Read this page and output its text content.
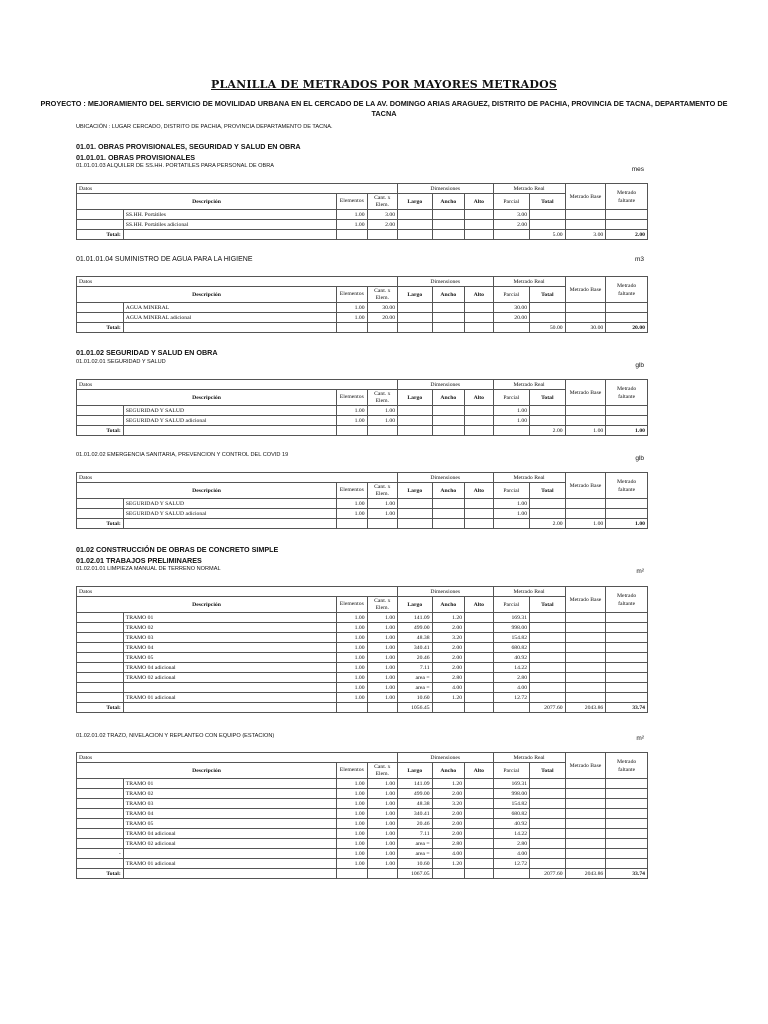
PLANILLA DE METRADOS POR MAYORES METRADOS
PROYECTO : MEJORAMIENTO DEL SERVICIO DE MOVILIDAD URBANA EN EL CERCADO DE LA AV. DOMINGO ARIAS ARAGUEZ, DISTRITO DE PACHIA, PROVINCIA DE TACNA, DEPARTAMENTO DE TACNA
UBICACIÓN : LUGAR CERCADO, DISTRITO DE PACHIA, PROVINCIA DEPARTAMENTO DE TACNA.
01.01. OBRAS PROVISIONALES, SEGURIDAD Y SALUD EN OBRA
01.01.01. OBRAS PROVISIONALES
01.01.01.03 ALQUILER DE SS.HH. PORTATILES PARA PERSONAL DE OBRA	mes
Datos				Dimensiones			Metrado Real		Metrado Base	Metrado faltante
Descripción		Elementos	Cant. x Elem.	Largo	Ancho	Alto	Parcial	Total		
	SS.HH. Portátiles	1.00	3.00				3.00			
	SS.HH. Portátiles adicional	1.00	2.00				2.00			
Total:								5.00	3.00	2.00
01.01.01.04 SUMINISTRO DE AGUA PARA LA HIGIENE	m3
Datos				Dimensiones			Metrado Real		Metrado Base	Metrado faltante
Descripción		Elementos	Cant. x Elem.	Largo	Ancho	Alto	Parcial	Total		
	AGUA MINERAL	1.00	30.00				30.00			
	AGUA MINERAL adicional	1.00	20.00				20.00			
Total:								50.00	30.00	20.00
01.01.02 SEGURIDAD Y SALUD EN OBRA
01.01.02.01 SEGURIDAD Y SALUD	glb
Datos				Dimensiones			Metrado Real		Metrado Base	Metrado faltante
Descripción		Elementos	Cant. x Elem.	Largo	Ancho	Alto	Parcial	Total		
	SEGURIDAD Y SALUD	1.00	1.00				1.00			
	SEGURIDAD Y SALUD adicional	1.00	1.00				1.00			
Total:								2.00	1.00	1.00
01.01.02.02 EMERGENCIA SANITARIA, PREVENCION Y CONTROL DEL COVID 19	glb
Datos				Dimensiones			Metrado Real		Metrado Base	Metrado faltante
Descripción		Elementos	Cant. x Elem.	Largo	Ancho	Alto	Parcial	Total		
	SEGURIDAD Y SALUD	1.00	1.00				1.00			
	SEGURIDAD Y SALUD adicional	1.00	1.00				1.00			
Total:								2.00	1.00	1.00
01.02 CONSTRUCCIÓN DE OBRAS DE CONCRETO SIMPLE
01.02.01 TRABAJOS PRELIMINARES
01.02.01.01 LIMPIEZA MANUAL DE TERRENO NORMAL	m²
Datos				Dimensiones			Metrado Real		Metrado Base	Metrado faltante
Descripción		Elementos	Cant. x Elem.	Largo	Ancho	Alto	Parcial	Total		
	TRAMO 01	1.00	1.00	141.09	1.20		169.31			
	TRAMO 02	1.00	1.00	499.00	2.00		998.00			
	TRAMO 03	1.00	1.00	48.38	3.20		154.82			
	TRAMO 04	1.00	1.00	340.41	2.00		680.82			
	TRAMO 05	1.00	1.00	20.46	2.00		40.92			
	TRAMO 04 adicional	1.00	1.00	7.11	2.00		14.22			
	TRAMO 02 adicional	1.00	1.00	area =	2.80		2.80			
		1.00	1.00	area =	4.00		4.00			
	TRAMO 01 adicional	1.00	1.00	10.60	1.20		12.72			
Total:				1056.45				2077.60	2043.86	33.74
01.02.01.02 TRAZO, NIVELACION Y REPLANTEO CON EQUIPO (ESTACION)	m²
Datos				Dimensiones			Metrado Real		Metrado Base	Metrado faltante
Descripción		Elementos	Cant. x Elem.	Largo	Ancho	Alto	Parcial	Total		
	TRAMO 01	1.00	1.00	141.09	1.20		169.31			
	TRAMO 02	1.00	1.00	499.00	2.00		998.00			
	TRAMO 03	1.00	1.00	48.38	3.20		154.82			
	TRAMO 04	1.00	1.00	340.41	2.00		680.82			
	TRAMO 05	1.00	1.00	20.46	2.00		40.92			
	TRAMO 04 adicional	1.00	1.00	7.11	2.00		14.22			
	TRAMO 02 adicional	1.00	1.00	area =	2.80		2.80			
-		1.00	1.00	area =	4.00		4.00			
	TRAMO 01 adicional	1.00	1.00	10.60	1.20		12.72			
Total:				1067.05				2077.60	2043.86	33.74
